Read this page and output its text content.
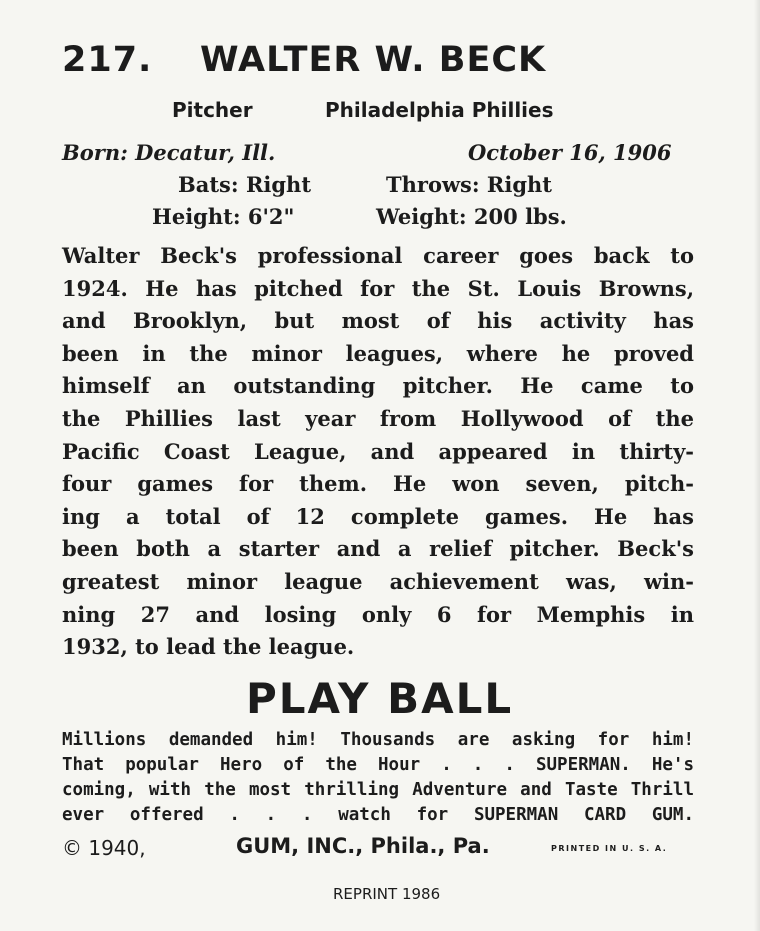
217. WALTER W. BECK
Pitcher	Philadelphia Phillies
Born: Decatur, Ill.	October 16, 1906
Bats: Right	Throws: Right
Height: 6'2"	Weight: 200 lbs.
Walter Beck's professional career goes back to
1924. He has pitched for the St. Louis Browns,
and Brooklyn, but most of his activity has
been in the minor leagues, where he proved
himself an outstanding pitcher. He came to
the Phillies last year from Hollywood of the
Pacific Coast League, and appeared in thirty-
four games for them. He won seven, pitch-
ing a total of 12 complete games. He has
been both a starter and a relief pitcher. Beck's
greatest minor league achievement was, win-
ning 27 and losing only 6 for Memphis in
1932, to lead the league.
PLAY BALL
Millions demanded him! Thousands are asking for him!
That popular Hero of the Hour . . . SUPERMAN. He's
coming, with the most thrilling Adventure and Taste Thrill
ever offered . . . watch for SUPERMAN CARD GUM.
© 1940,	GUM, INC., Phila., Pa.	PRINTED IN U. S. A.
REPRINT 1986
